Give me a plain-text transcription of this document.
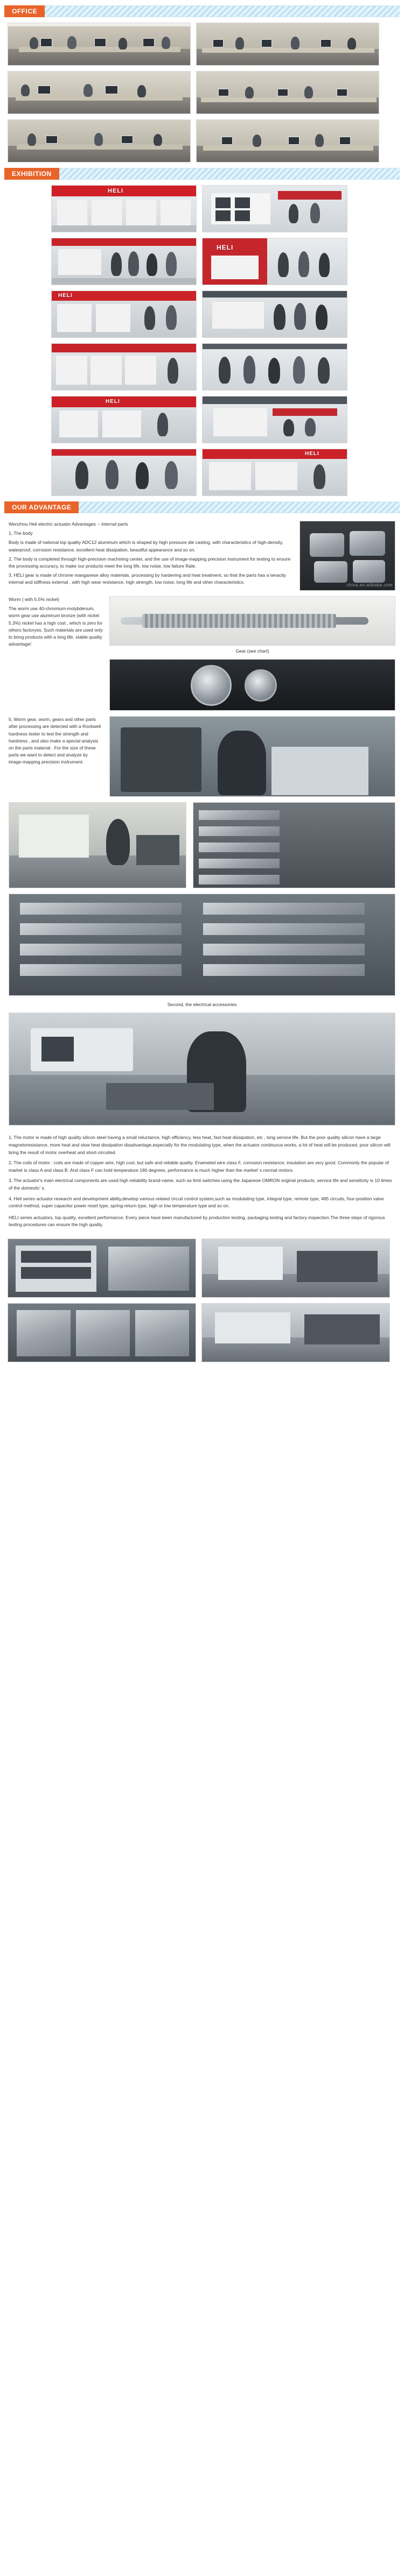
OFFICE
EXHIBITION
HELI
HELI
HELI
HELI
HELI
OUR ADVANTAGE

Wenzhou Heli electric actuator Advantages -- internal parts

1, The body

Body is made of national top quality ADC12 aluminum which is shaped by high pressure die casting, with characteristics of high-density, waterproof, corrosion resistance, excellent heat dissipation, beautiful appearance and so on.

2, The body is completed through high-precision machining center, and the use of image-mapping precision instrument for testing to ensure the processing accuracy, to make our products meet the long life, low noise, low failure Rate.

3, HELI gear is made of chrome manganese alloy materials, processing by hardening and heat treatment, so that the parts has a tenacity internal and stiffness external , with high wear resistance, high strength, low noise, long life and other characteristics.	china.en.alibaba.com

Worm ( with 5.5% nickel)

The worm use 40-chromium-molybdenum, worm gear use aluminum bronze (with nickel 5.3%) nickel has a high cost , which is zero for others factoryes. Such materials are used only to bring products with a long life, stable quality advantage!

Gear (see chart)

5, Worm gear, worm, gears and other parts after processing are detected with a Rockwell hardness tester to test the strength and hardness , and also make a special analysis on the parts material . For the size of these parts we want to detect and analyze by image-mapping precision instrument.

Second, the electrical accessories

1, The motor is made of high quality silicon steel having a small reluctance, high efficiency, less heat, fast heat dissipation, etc , long service life. But the poor quality silicon have a large magnetoresistance, more heat and slow heat dissipation disadvantage,especially for the modulating type, when the actuator continuous works, a lot of heat will be produced, poor silicon will bring the result of motor overheat and short-circuited.

2, The coils of motor : coils are made of copper wire, high cost, but safe and reliable quality. Enameled wire class F, corrosion resistance, insulation are very good. Commonly the popular of market is class A and class B. And class F can hold temperature 180 degrees, performance is much higher than the market' s normal motors.

3, The actuator's main electrical components are used high reliability brand-name, such as limit switches using the Japanese OMRON original products, service life and sensitivity is 10 times of the domestic' s.

4, Heli series actuator research and development ability,develop various related circuit control system,such as modulating type, integral type, remote type, 485 circuits, four-position valve control method, super capacitor power reset type, spring-return type, high or low temperature type and so on.

HELI series actuators, top quality, excellent performance. Every piece have been manufactured by production testing, packaging testing and factory inspection.The three steps of rigorous testing procedures can ensure the high quality.
